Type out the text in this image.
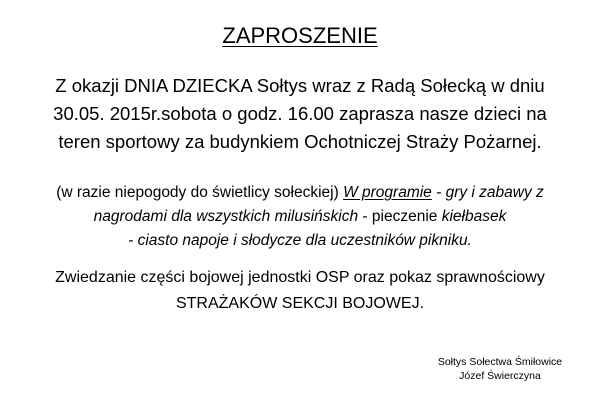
ZAPROSZENIE
Z okazji DNIA DZIECKA Sołtys wraz z Radą Sołecką w dniu
30.05. 2015r.sobota o godz. 16.00 zaprasza nasze dzieci na
teren sportowy za budynkiem Ochotniczej Straży Pożarnej.
(w razie niepogody do świetlicy sołeckiej) W programie - gry i zabawy z
nagrodami dla wszystkich milusińskich - pieczenie kiełbasek
- ciasto napoje i słodycze dla uczestników pikniku.
Zwiedzanie części bojowej jednostki OSP oraz pokaz sprawnościowy
STRAŻAKÓW SEKCJI BOJOWEJ.
Sołtys Sołectwa Śmiłowice
Józef Świerczyna
